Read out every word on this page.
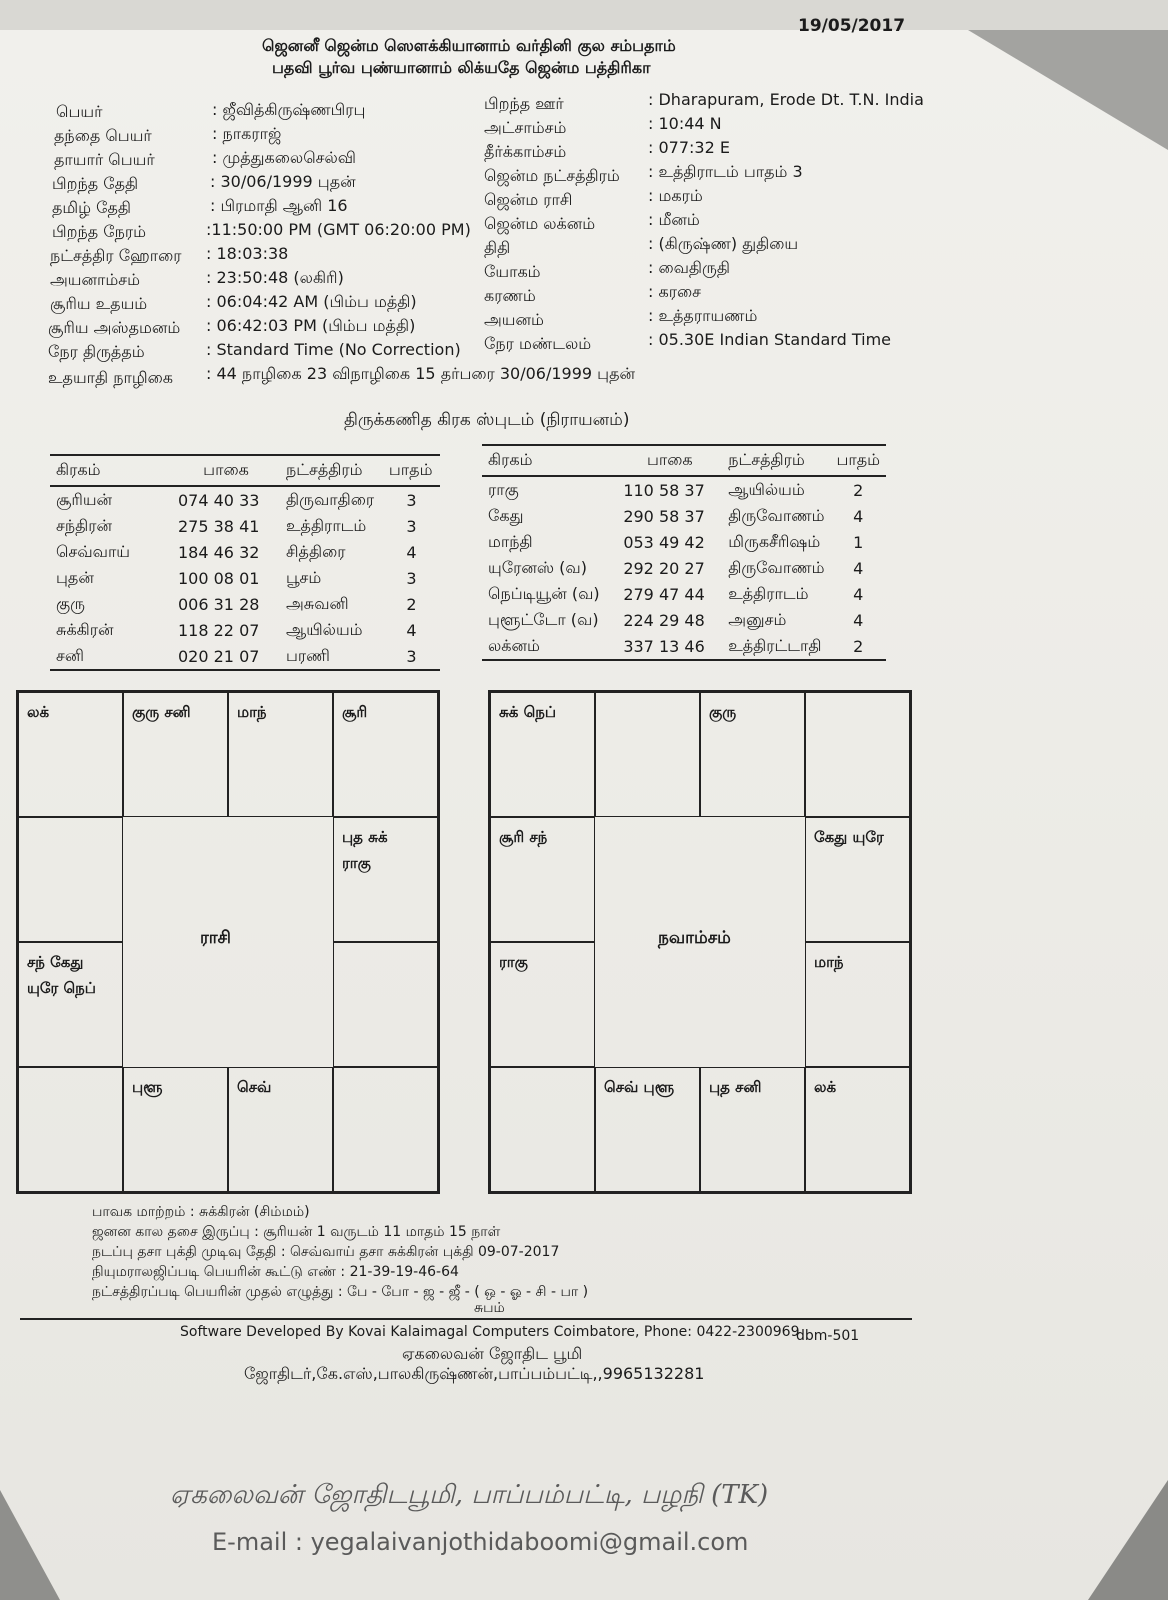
19/05/2017
ஜெனனீ ஜென்ம ஸௌக்கியானாம் வர்தினி குல சம்பதாம்
பதவி பூர்வ புண்யானாம் லிக்யதே ஜென்ம பத்திரிகா
பெயர்	: ஜீவித்கிருஷ்ணபிரபு
தந்தை பெயர்	: நாகராஜ்
தாயார் பெயர்	: முத்துகலைசெல்வி
பிறந்த தேதி	: 30/06/1999 புதன்
தமிழ் தேதி	: பிரமாதி ஆனி 16
பிறந்த நேரம்	:11:50:00 PM (GMT 06:20:00 PM)
நட்சத்திர ஹோரை : 18:03:38
அயனாம்சம்	: 23:50:48 (லகிரி)
சூரிய உதயம்	: 06:04:42 AM (பிம்ப மத்தி)
சூரிய அஸ்தமனம் : 06:42:03 PM (பிம்ப மத்தி)
நேர திருத்தம்	: Standard Time (No Correction)
உதயாதி நாழிகை : 44 நாழிகை 23 விநாழிகை 15 தர்பரை 30/06/1999 புதன்
பிறந்த ஊர்	: Dharapuram, Erode Dt. T.N. India
அட்சாம்சம்	: 10:44 N
தீர்க்காம்சம்	: 077:32 E
ஜென்ம நட்சத்திரம் : உத்திராடம் பாதம் 3
ஜென்ம ராசி	: மகரம்
ஜென்ம லக்னம்	: மீனம்
திதி	: (கிருஷ்ண) துதியை
யோகம்	: வைதிருதி
கரணம்	: கரசை
அயனம்	: உத்தராயணம்
நேர மண்டலம்	: 05.30E Indian Standard Time
திருக்கணித கிரக ஸ்புடம் (நிராயனம்)
கிரகம்	பாகை	நட்சத்திரம்	பாதம்
சூரியன்	074 40 33	திருவாதிரை	3
சந்திரன்	275 38 41	உத்திராடம்	3
செவ்வாய்	184 46 32	சித்திரை	4
புதன்	100 08 01	பூசம்	3
குரு	006 31 28	அசுவனி	2
சுக்கிரன்	118 22 07	ஆயில்யம்	4
சனி	020 21 07	பரணி	3
கிரகம்	பாகை	நட்சத்திரம்	பாதம்
ராகு	110 58 37	ஆயில்யம்	2
கேது	290 58 37	திருவோணம்	4
மாந்தி	053 49 42	மிருகசீரிஷம்	1
யுரேனஸ் (வ)	292 20 27	திருவோணம்	4
நெப்டியூன் (வ)	279 47 44	உத்திராடம்	4
புளூட்டோ (வ)	224 29 48	அனுசம்	4
லக்னம்	337 13 46	உத்திரட்டாதி	2
லக்	குரு சனி	மாந்	சூரி
புத சுக்
ராகு
சந் கேது
யுரே நெப்
புளூ	செவ்
ராசி
சுக் நெப்	குரு
சூரி சந்	கேது யுரே
ராகு	மாந்
செவ் புளூ	புத சனி	லக்
நவாம்சம்
பாவக மாற்றம் : சுக்கிரன் (சிம்மம்)
ஜனன கால தசை இருப்பு : சூரியன் 1 வருடம் 11 மாதம் 15 நாள்
நடப்பு தசா புக்தி முடிவு தேதி : செவ்வாய் தசா சுக்கிரன் புக்தி 09-07-2017
நியுமராலஜிப்படி பெயரின் கூட்டு எண் : 21-39-19-46-64
நட்சத்திரப்படி பெயரின் முதல் எழுத்து : பே - போ - ஜ - ஜீ - ( ஒ - ஓ - சி - பா )
சுபம்
Software Developed By Kovai Kalaimagal Computers Coimbatore, Phone: 0422-2300969
dbm-501
ஏகலைவன் ஜோதிட பூமி
ஜோதிடர்,கே.எஸ்,பாலகிருஷ்ணன்,பாப்பம்பட்டி,,9965132281
ஏகலைவன் ஜோதிடபூமி, பாப்பம்பட்டி, பழநி (TK)
E-mail : yegalaivanjothidaboomi@gmail.com
